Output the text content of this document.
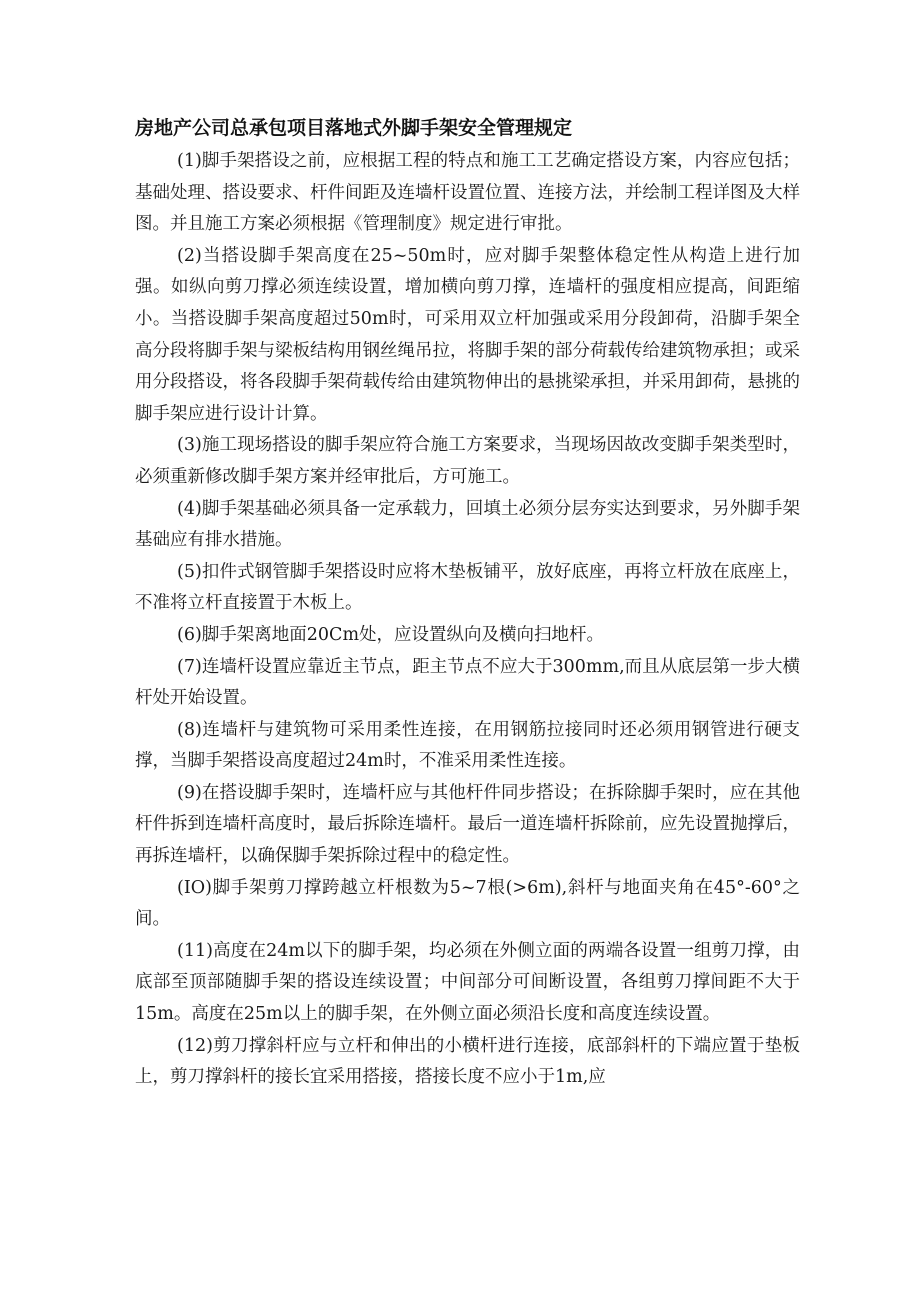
房地产公司总承包项目落地式外脚手架安全管理规定

(1)脚手架搭设之前，应根据工程的特点和施工工艺确定搭设方案，内容应包括；基础处理、搭设要求、杆件间距及连墙杆设置位置、连接方法，并绘制工程详图及大样图。并且施工方案必须根据《管理制度》规定进行审批。

(2)当搭设脚手架高度在25~50m时，应对脚手架整体稳定性从构造上进行加强。如纵向剪刀撑必须连续设置，增加横向剪刀撑，连墙杆的强度相应提高，间距缩小。当搭设脚手架高度超过50m时，可采用双立杆加强或采用分段卸荷，沿脚手架全高分段将脚手架与梁板结构用钢丝绳吊拉，将脚手架的部分荷载传给建筑物承担；或采用分段搭设，将各段脚手架荷载传给由建筑物伸出的悬挑梁承担，并采用卸荷，悬挑的脚手架应进行设计计算。

(3)施工现场搭设的脚手架应符合施工方案要求，当现场因故改变脚手架类型时，必须重新修改脚手架方案并经审批后，方可施工。

(4)脚手架基础必须具备一定承载力，回填土必须分层夯实达到要求，另外脚手架基础应有排水措施。

(5)扣件式钢管脚手架搭设时应将木垫板铺平，放好底座，再将立杆放在底座上，不准将立杆直接置于木板上。

(6)脚手架离地面20Cm处，应设置纵向及横向扫地杆。

(7)连墙杆设置应靠近主节点，距主节点不应大于300mm,而且从底层第一步大横杆处开始设置。

(8)连墙杆与建筑物可采用柔性连接，在用钢筋拉接同时还必须用钢管进行硬支撑，当脚手架搭设高度超过24m时，不准采用柔性连接。

(9)在搭设脚手架时，连墙杆应与其他杆件同步搭设；在拆除脚手架时，应在其他杆件拆到连墙杆高度时，最后拆除连墙杆。最后一道连墙杆拆除前，应先设置抛撑后，再拆连墙杆，以确保脚手架拆除过程中的稳定性。

(IO)脚手架剪刀撑跨越立杆根数为5~7根(>6m),斜杆与地面夹角在45°-60°之间。

(11)高度在24m以下的脚手架，均必须在外侧立面的两端各设置一组剪刀撑，由底部至顶部随脚手架的搭设连续设置；中间部分可间断设置，各组剪刀撑间距不大于15m。高度在25m以上的脚手架，在外侧立面必须沿长度和高度连续设置。

(12)剪刀撑斜杆应与立杆和伸出的小横杆进行连接，底部斜杆的下端应置于垫板上，剪刀撑斜杆的接长宜采用搭接，搭接长度不应小于1m,应
